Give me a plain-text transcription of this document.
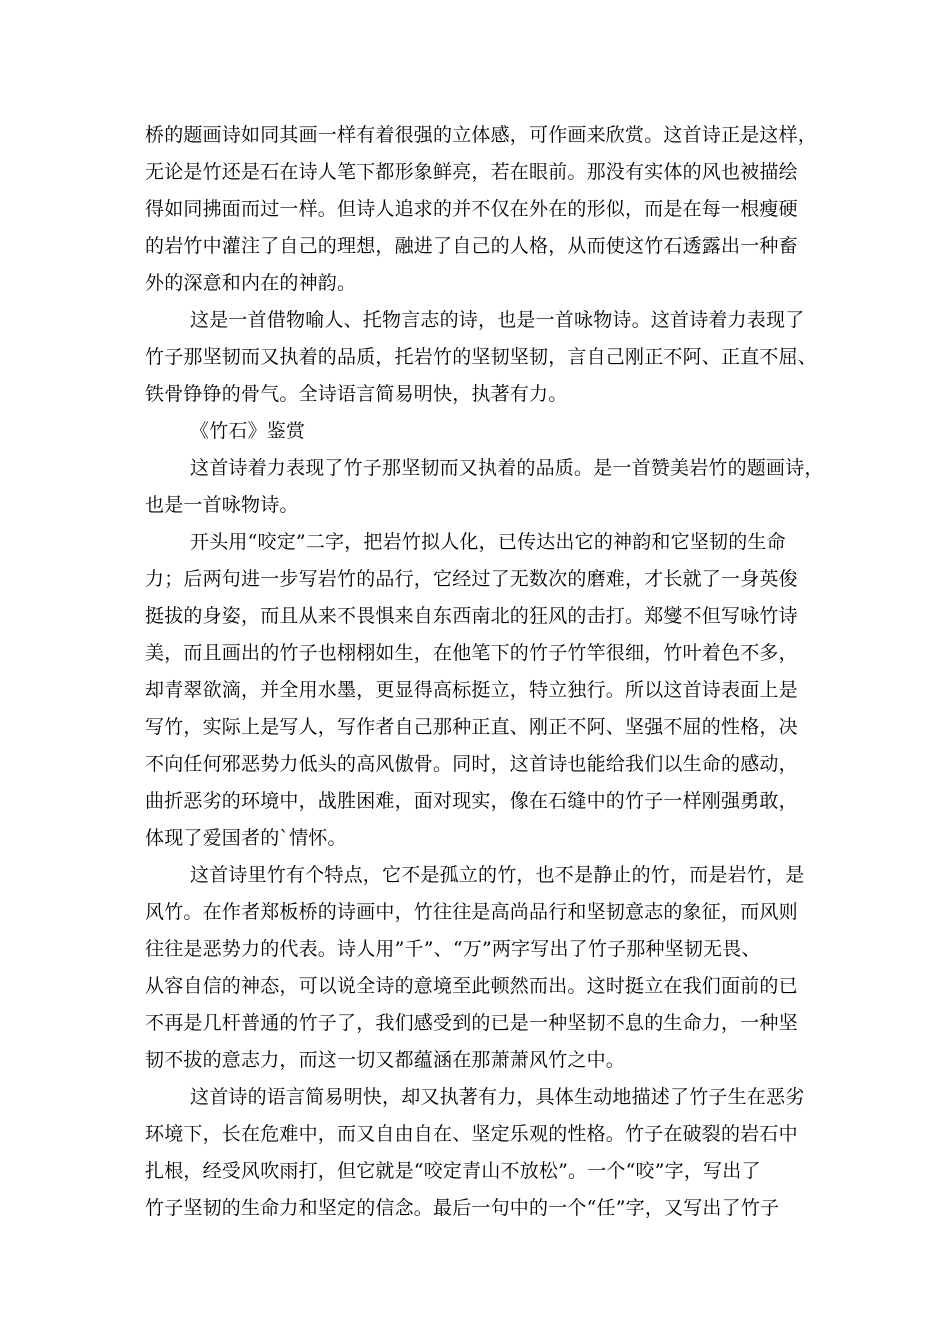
桥的题画诗如同其画一样有着很强的立体感，可作画来欣赏。这首诗正是这样，
无论是竹还是石在诗人笔下都形象鲜亮，若在眼前。那没有实体的风也被描绘
得如同拂面而过一样。但诗人追求的并不仅在外在的形似，而是在每一根瘦硬
的岩竹中灌注了自己的理想，融进了自己的人格，从而使这竹石透露出一种畜
外的深意和内在的神韵。
这是一首借物喻人、托物言志的诗，也是一首咏物诗。这首诗着力表现了
竹子那坚韧而又执着的品质，托岩竹的坚韧坚韧，言自己刚正不阿、正直不屈、
铁骨铮铮的骨气。全诗语言简易明快，执著有力。
《竹石》鉴赏
这首诗着力表现了竹子那坚韧而又执着的品质。是一首赞美岩竹的题画诗，
也是一首咏物诗。
开头用“咬定”二字，把岩竹拟人化，已传达出它的神韵和它坚韧的生命
力；后两句进一步写岩竹的品行，它经过了无数次的磨难，才长就了一身英俊
挺拔的身姿，而且从来不畏惧来自东西南北的狂风的击打。郑燮不但写咏竹诗
美，而且画出的竹子也栩栩如生，在他笔下的竹子竹竿很细，竹叶着色不多，
却青翠欲滴，并全用水墨，更显得高标挺立，特立独行。所以这首诗表面上是
写竹，实际上是写人，写作者自己那种正直、刚正不阿、坚强不屈的性格，决
不向任何邪恶势力低头的高风傲骨。同时，这首诗也能给我们以生命的感动，
曲折恶劣的环境中，战胜困难，面对现实，像在石缝中的竹子一样刚强勇敢，
体现了爱国者的`情怀。
这首诗里竹有个特点，它不是孤立的竹，也不是静止的竹，而是岩竹，是
风竹。在作者郑板桥的诗画中，竹往往是高尚品行和坚韧意志的象征，而风则
往往是恶势力的代表。诗人用”千”、“万”两字写出了竹子那种坚韧无畏、
从容自信的神态，可以说全诗的意境至此顿然而出。这时挺立在我们面前的已
不再是几杆普通的竹子了，我们感受到的已是一种坚韧不息的生命力，一种坚
韧不拔的意志力，而这一切又都蕴涵在那萧萧风竹之中。
这首诗的语言简易明快，却又执著有力，具体生动地描述了竹子生在恶劣
环境下，长在危难中，而又自由自在、坚定乐观的性格。竹子在破裂的岩石中
扎根，经受风吹雨打，但它就是“咬定青山不放松”。一个“咬”字，写出了
竹子坚韧的生命力和坚定的信念。最后一句中的一个“任”字，又写出了竹子
